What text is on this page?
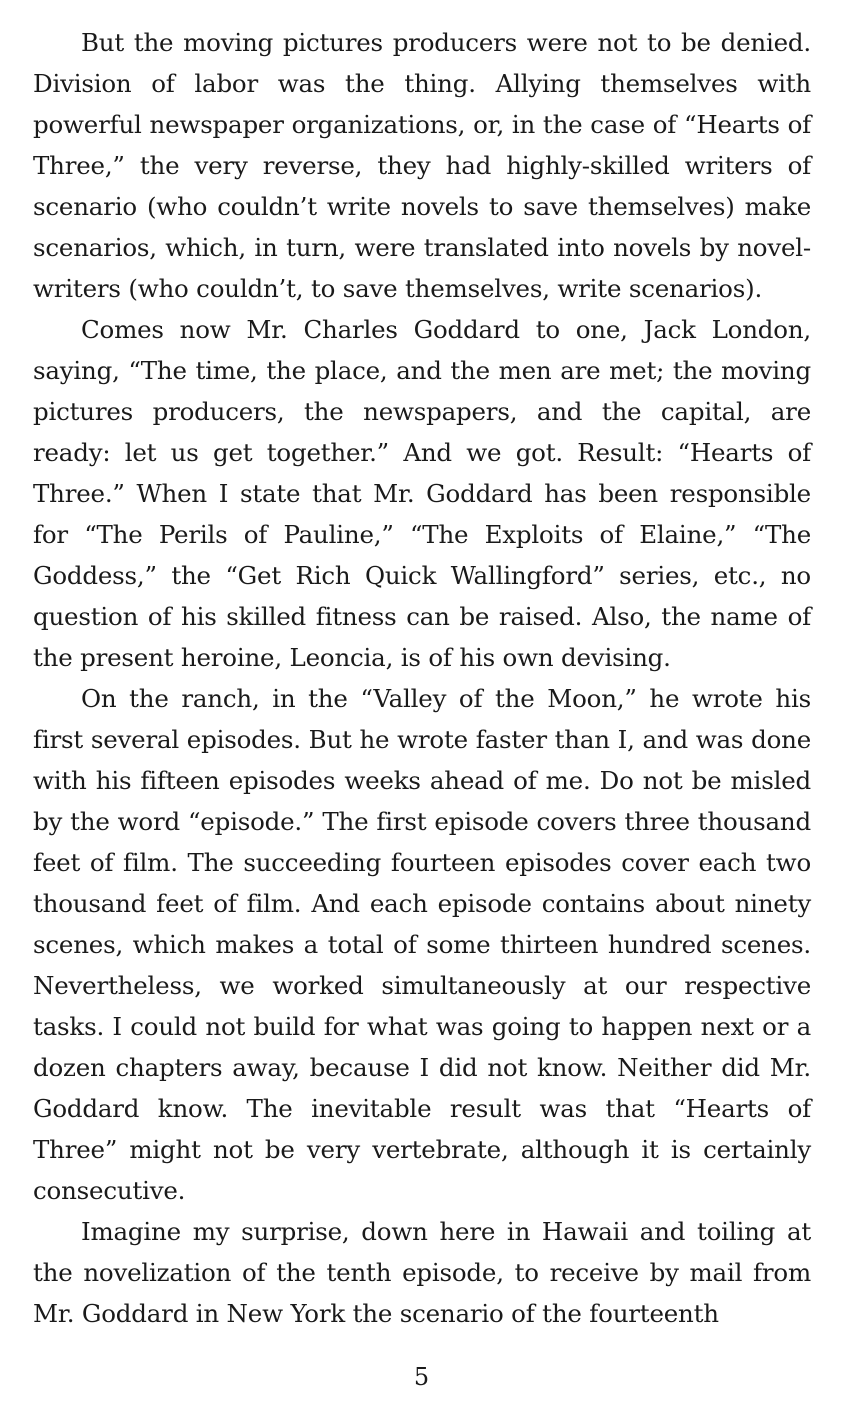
But the moving pictures producers were not to be denied. Division of labor was the thing. Allying themselves with powerful newspaper organizations, or, in the case of “Hearts of Three,” the very reverse, they had highly-skilled writers of scenario (who couldn’t write novels to save themselves) make scenarios, which, in turn, were translated into novels by novel-writers (who couldn’t, to save themselves, write scenarios).

Comes now Mr. Charles Goddard to one, Jack London, saying, “The time, the place, and the men are met; the moving pictures producers, the newspapers, and the capital, are ready: let us get together.” And we got. Result: “Hearts of Three.” When I state that Mr. Goddard has been responsible for “The Perils of Pauline,” “The Exploits of Elaine,” “The Goddess,” the “Get Rich Quick Wallingford” series, etc., no question of his skilled fitness can be raised. Also, the name of the present heroine, Leoncia, is of his own devising.

On the ranch, in the “Valley of the Moon,” he wrote his first several episodes. But he wrote faster than I, and was done with his fifteen episodes weeks ahead of me. Do not be misled by the word “episode.” The first episode covers three thousand feet of film. The succeeding fourteen episodes cover each two thousand feet of film. And each episode contains about ninety scenes, which makes a total of some thirteen hundred scenes. Nevertheless, we worked simultaneously at our respective tasks. I could not build for what was going to happen next or a dozen chapters away, because I did not know. Neither did Mr. Goddard know. The inevitable result was that “Hearts of Three” might not be very vertebrate, although it is certainly consecutive.

Imagine my surprise, down here in Hawaii and toiling at the novelization of the tenth episode, to receive by mail from Mr. Goddard in New York the scenario of the fourteenth

5
